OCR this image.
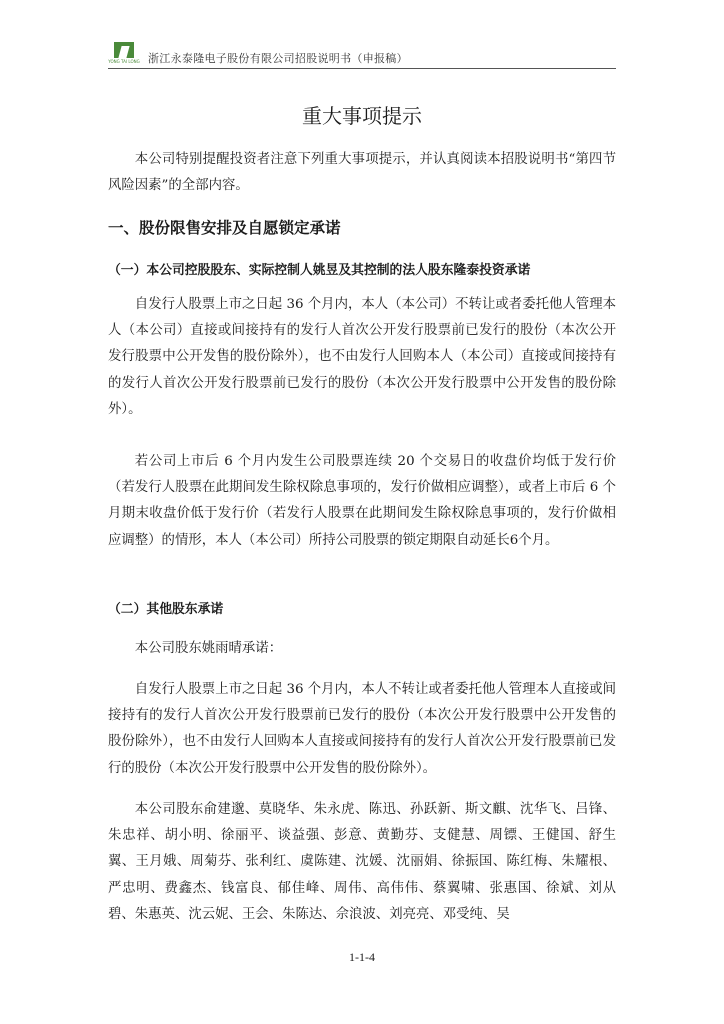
YONG TAI LONG 浙江永泰隆电子股份有限公司招股说明书（申报稿）
重大事项提示

本公司特别提醒投资者注意下列重大事项提示，并认真阅读本招股说明书“第四节 风险因素”的全部内容。

一、股份限售安排及自愿锁定承诺

（一）本公司控股股东、实际控制人姚昱及其控制的法人股东隆泰投资承诺

自发行人股票上市之日起 36 个月内，本人（本公司）不转让或者委托他人管理本人（本公司）直接或间接持有的发行人首次公开发行股票前已发行的股份（本次公开发行股票中公开发售的股份除外），也不由发行人回购本人（本公司）直接或间接持有的发行人首次公开发行股票前已发行的股份（本次公开发行股票中公开发售的股份除外）。

若公司上市后 6 个月内发生公司股票连续 20 个交易日的收盘价均低于发行价（若发行人股票在此期间发生除权除息事项的，发行价做相应调整），或者上市后 6 个月期末收盘价低于发行价（若发行人股票在此期间发生除权除息事项的，发行价做相应调整）的情形，本人（本公司）所持公司股票的锁定期限自动延长6个月。

（二）其他股东承诺

本公司股东姚雨晴承诺：

自发行人股票上市之日起 36 个月内，本人不转让或者委托他人管理本人直接或间接持有的发行人首次公开发行股票前已发行的股份（本次公开发行股票中公开发售的股份除外），也不由发行人回购本人直接或间接持有的发行人首次公开发行股票前已发行的股份（本次公开发行股票中公开发售的股份除外）。

本公司股东俞建邈、莫晓华、朱永虎、陈迅、孙跃新、斯文麒、沈华飞、吕锋、朱忠祥、胡小明、徐丽平、谈益强、彭意、黄勤芬、支健慧、周镖、王健国、舒生翼、王月娥、周菊芬、张利红、虞陈建、沈媛、沈丽娟、徐振国、陈红梅、朱耀根、严忠明、费鑫杰、钱富良、郁佳峰、周伟、高伟伟、蔡翼啸、张惠国、徐斌、刘从碧、朱惠英、沈云妮、王会、朱陈达、佘浪波、刘亮亮、邓受纯、吴

1-1-4
